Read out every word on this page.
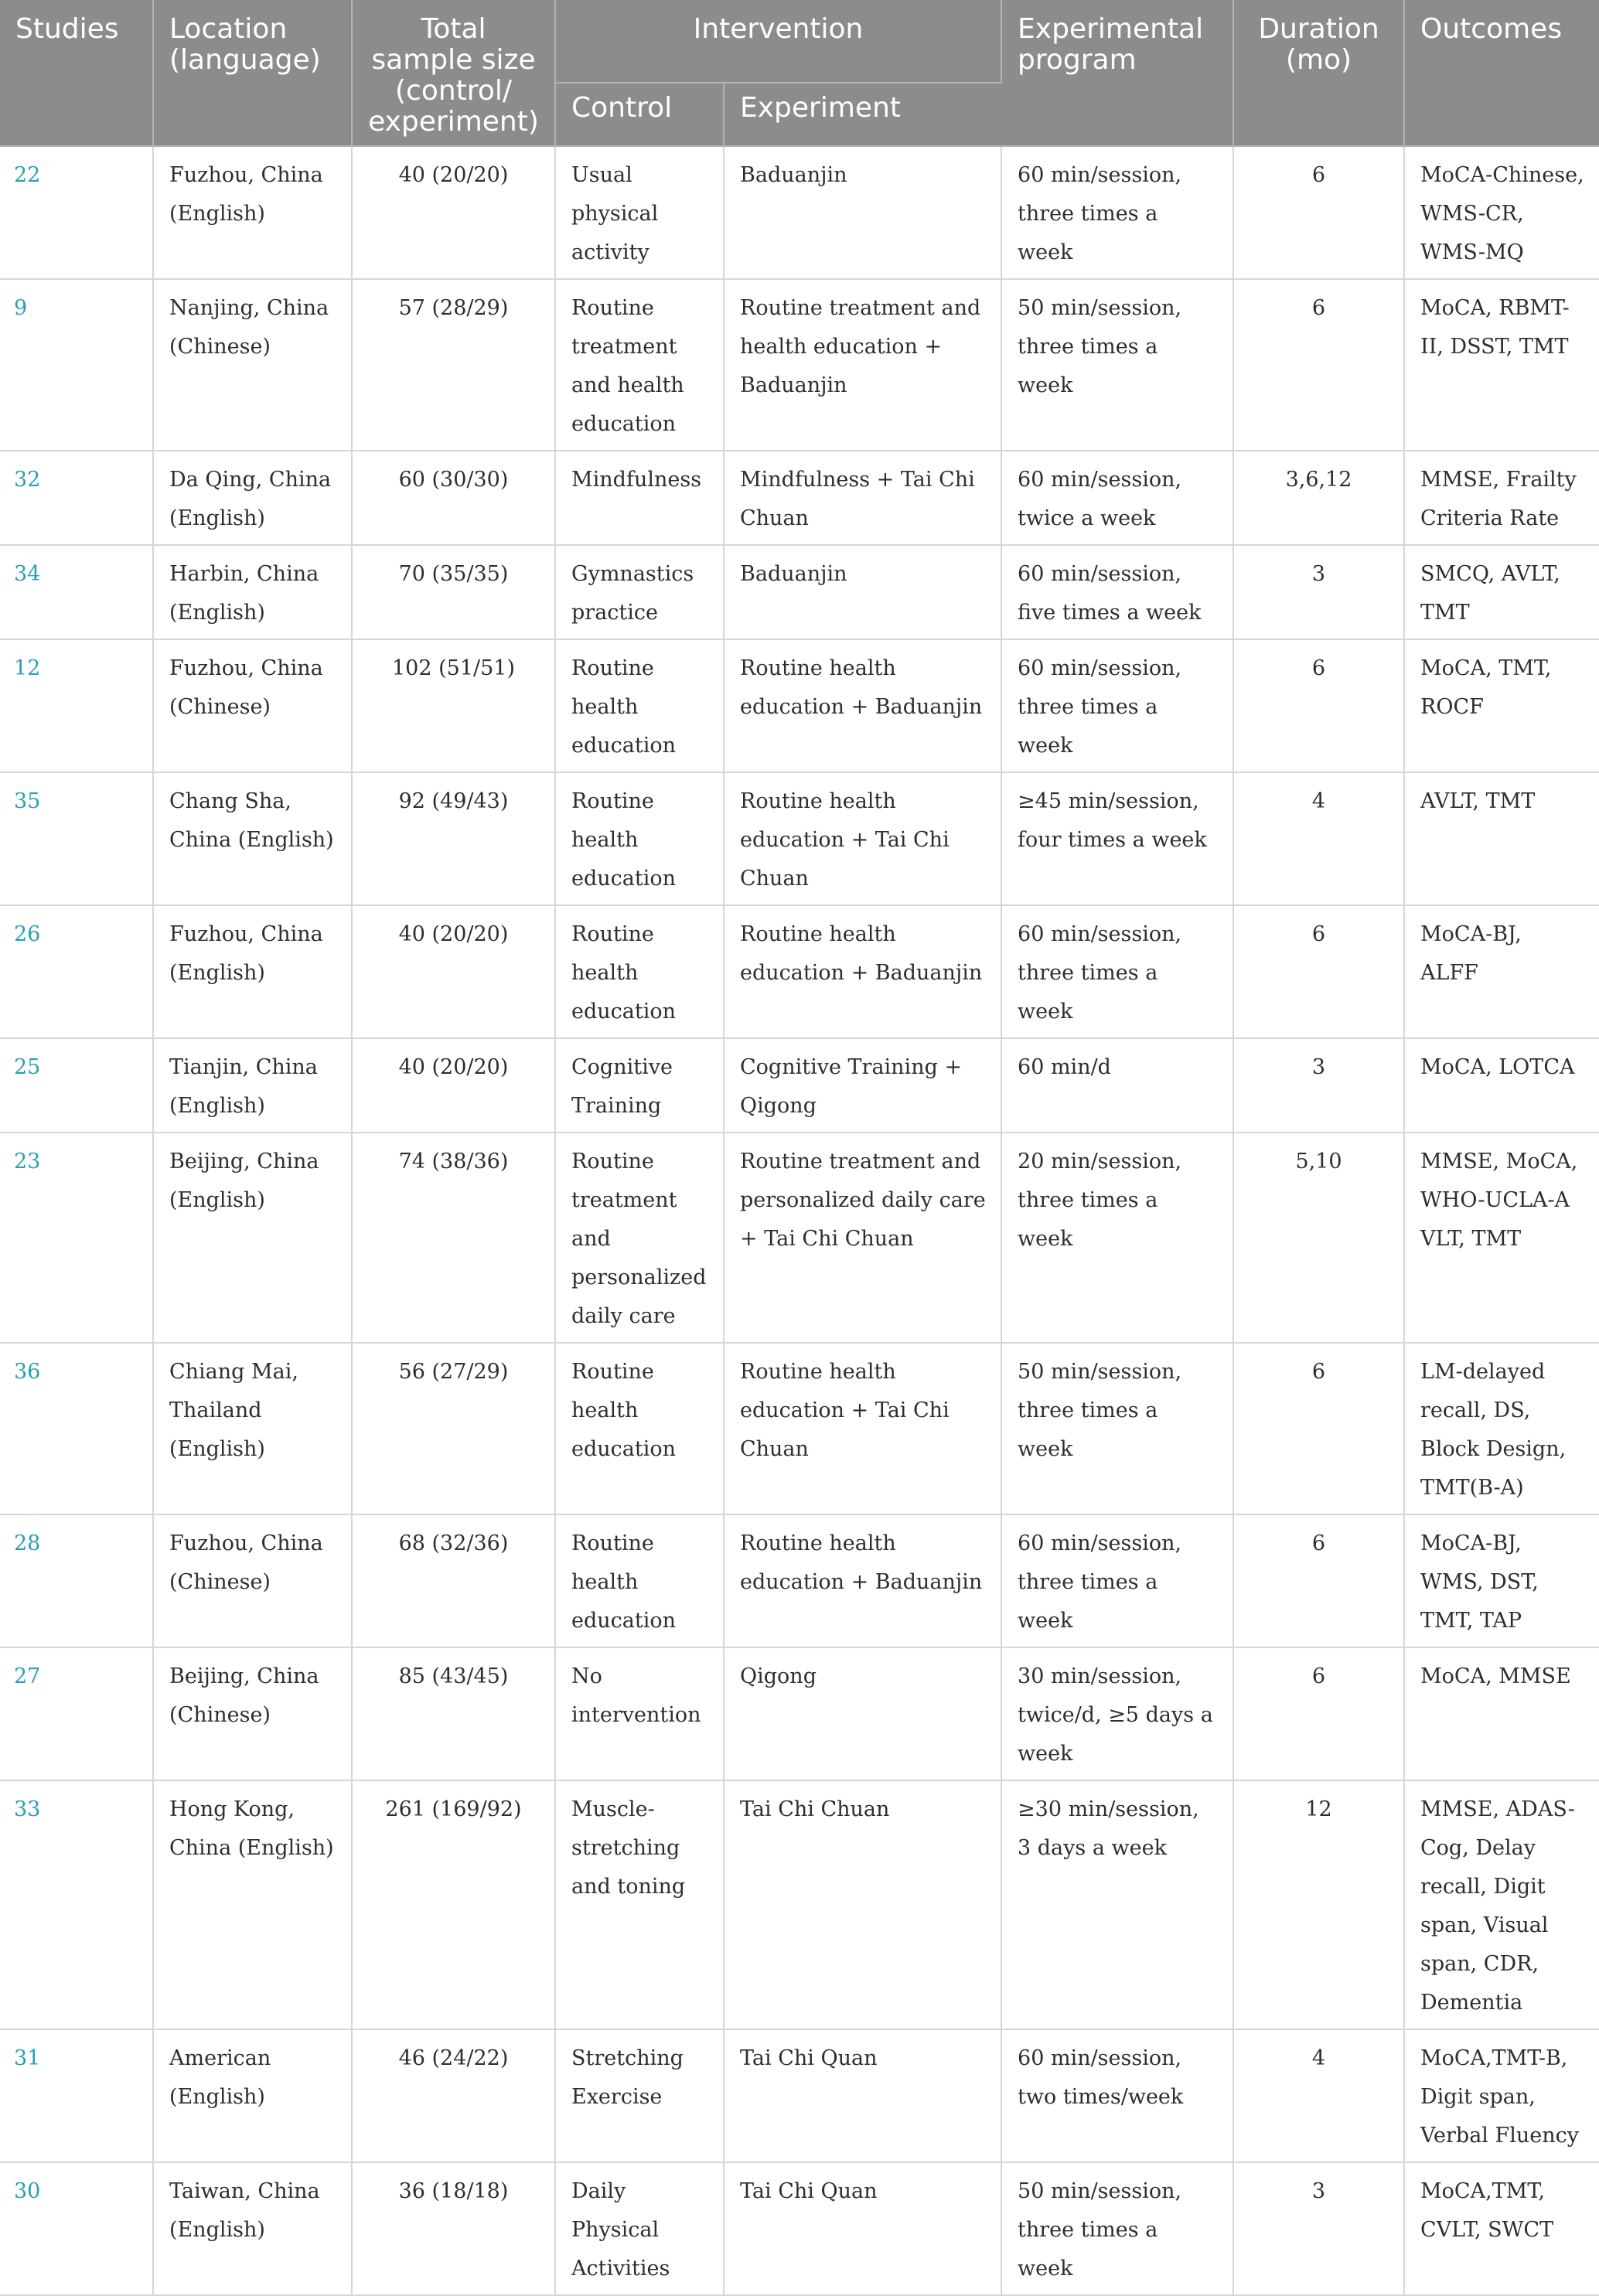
Studies	Location (language)	Total sample size (control/ experiment)	Intervention		Experimental program	Duration (mo)	Outcomes
			Control	Experiment			
22	Fuzhou, China (English)	40 (20/20)	Usual physical activity	Baduanjin	60 min/session, three times a week	6	MoCA-Chinese, WMS-CR, WMS-MQ
9	Nanjing, China (Chinese)	57 (28/29)	Routine treatment and health education	Routine treatment and health education + Baduanjin	50 min/session, three times a week	6	MoCA, RBMT-II, DSST, TMT
32	Da Qing, China (English)	60 (30/30)	Mindfulness	Mindfulness + Tai Chi Chuan	60 min/session, twice a week	3,6,12	MMSE, Frailty Criteria Rate
34	Harbin, China (English)	70 (35/35)	Gymnastics practice	Baduanjin	60 min/session, five times a week	3	SMCQ, AVLT, TMT
12	Fuzhou, China (Chinese)	102 (51/51)	Routine health education	Routine health education + Baduanjin	60 min/session, three times a week	6	MoCA, TMT, ROCF
35	Chang Sha, China (English)	92 (49/43)	Routine health education	Routine health education + Tai Chi Chuan	≥45 min/session, four times a week	4	AVLT, TMT
26	Fuzhou, China (English)	40 (20/20)	Routine health education	Routine health education + Baduanjin	60 min/session, three times a week	6	MoCA-BJ, ALFF
25	Tianjin, China (English)	40 (20/20)	Cognitive Training	Cognitive Training + Qigong	60 min/d	3	MoCA, LOTCA
23	Beijing, China (English)	74 (38/36)	Routine treatment and personalized daily care	Routine treatment and personalized daily care + Tai Chi Chuan	20 min/session, three times a week	5,10	MMSE, MoCA, WHO-UCLA-A VLT, TMT
36	Chiang Mai, Thailand (English)	56 (27/29)	Routine health education	Routine health education + Tai Chi Chuan	50 min/session, three times a week	6	LM-delayed recall, DS, Block Design, TMT(B-A)
28	Fuzhou, China (Chinese)	68 (32/36)	Routine health education	Routine health education + Baduanjin	60 min/session, three times a week	6	MoCA-BJ, WMS, DST, TMT, TAP
27	Beijing, China (Chinese)	85 (43/45)	No intervention	Qigong	30 min/session, twice/d, ≥5 days a week	6	MoCA, MMSE
33	Hong Kong, China (English)	261 (169/92)	Muscle-stretching and toning	Tai Chi Chuan	≥30 min/session, 3 days a week	12	MMSE, ADAS-Cog, Delay recall, Digit span, Visual span, CDR, Dementia
31	American (English)	46 (24/22)	Stretching Exercise	Tai Chi Quan	60 min/session, two times/week	4	MoCA,TMT-B, Digit span, Verbal Fluency
30	Taiwan, China (English)	36 (18/18)	Daily Physical Activities	Tai Chi Quan	50 min/session, three times a week	3	MoCA,TMT, CVLT, SWCT
